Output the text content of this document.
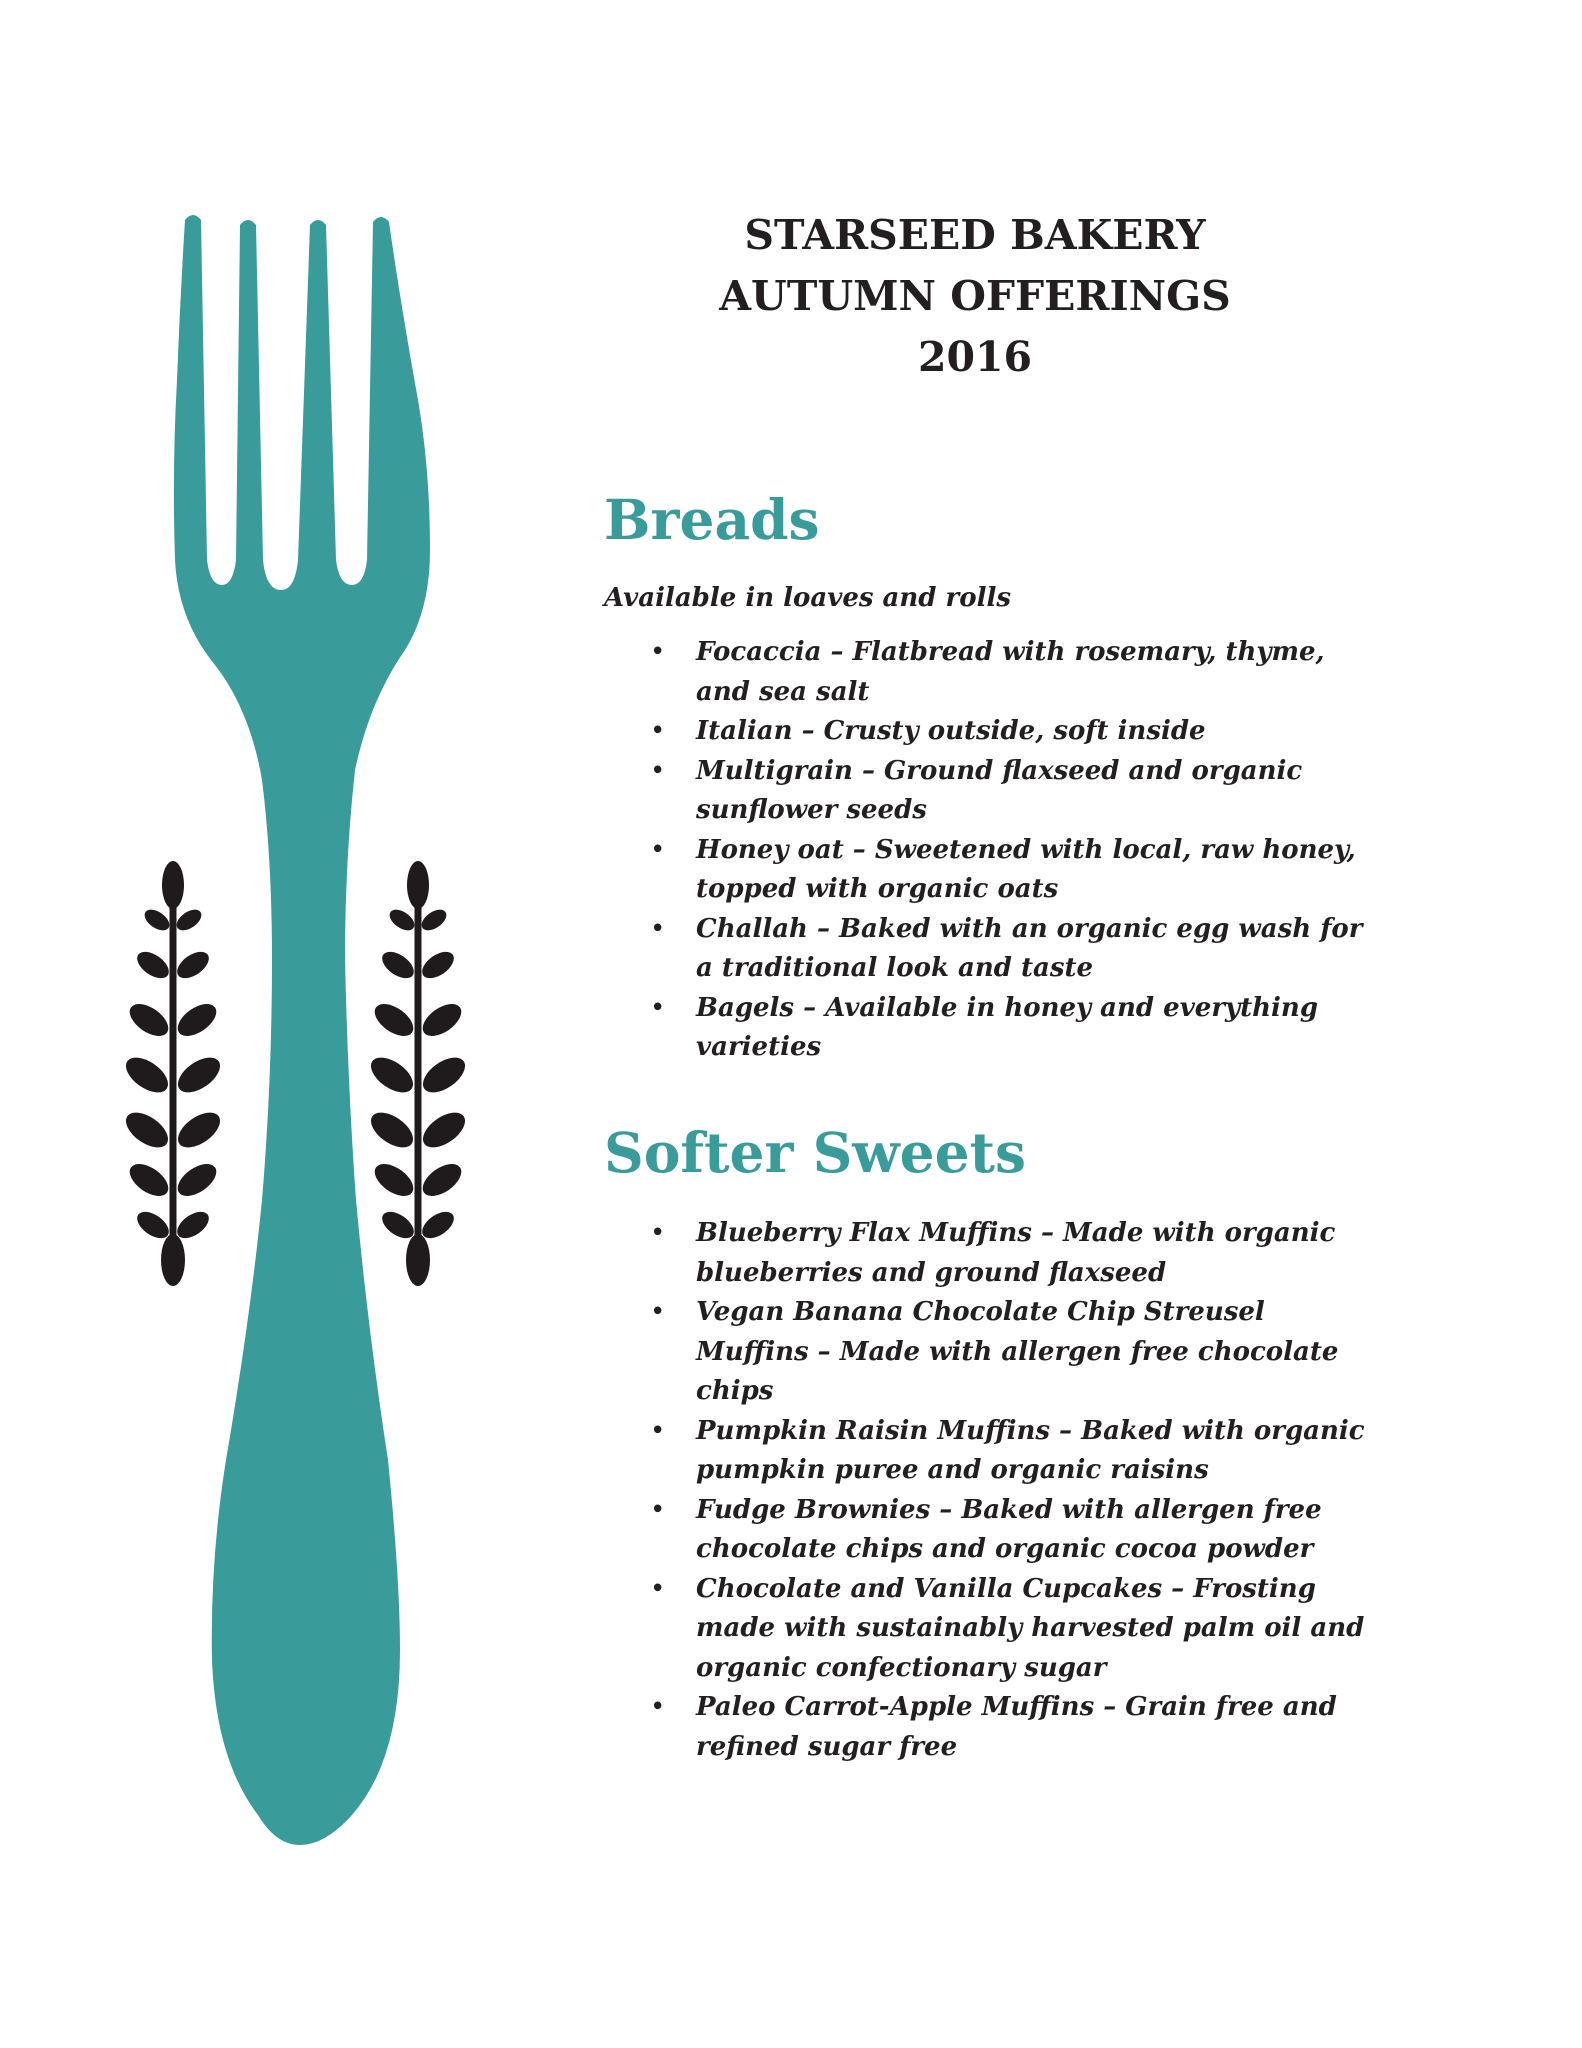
STARSEED BAKERY
AUTUMN OFFERINGS
2016
Breads

Available in loaves and rolls

• Focaccia – Flatbread with rosemary, thyme, and sea salt
• Italian – Crusty outside, soft inside
• Multigrain – Ground flaxseed and organic sunflower seeds
• Honey oat – Sweetened with local, raw honey, topped with organic oats
• Challah – Baked with an organic egg wash for a traditional look and taste
• Bagels – Available in honey and everything varieties
Softer Sweets
• Blueberry Flax Muffins – Made with organic blueberries and ground flaxseed
• Vegan Banana Chocolate Chip Streusel Muffins – Made with allergen free chocolate chips
• Pumpkin Raisin Muffins – Baked with organic pumpkin puree and organic raisins
• Fudge Brownies – Baked with allergen free chocolate chips and organic cocoa powder
• Chocolate and Vanilla Cupcakes – Frosting made with sustainably harvested palm oil and organic confectionary sugar
• Paleo Carrot-Apple Muffins – Grain free and refined sugar free
